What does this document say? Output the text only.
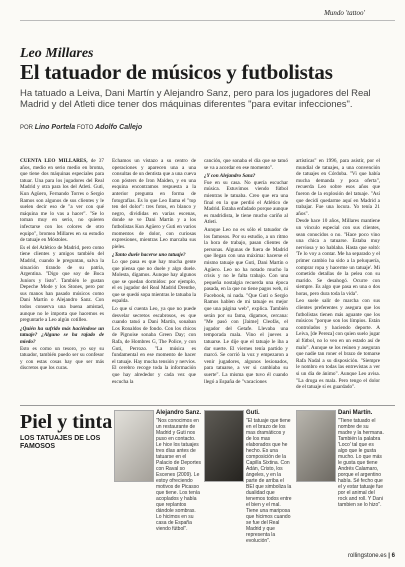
Mundo 'tattoo'
Leo Millares
El tatuador de músicos y futbolistas
Ha tatuado a Leiva, Dani Martín y Alejandro Sanz, pero para los jugadores del Real Madrid y del Atleti dice tener dos máquinas diferentes "para evitar infecciones".
POR Lino Portela FOTO Adolfo Callejo

CUENTA LEO MILLARES, de 37 años, medio en serio medio en broma, que tiene dos máquinas especiales para tatuar. Una para los jugadores del Real Madrid y otra para los del Atleti. Guti, Kun Agüero, Fernando Torres o Sergio Ramos son algunos de sus clientes y le suelen decir eso de "a ver con qué máquina me lo vas a hacer". "Se lo toman muy en serio, no quieren infectarse con los colores de otro equipo", bromea Millares en su estudio de tatuaje en Móstoles.

Es el del Atlético de Madrid, pero como tiene clientes y amigos también del Madrid, cuando le preguntan, salva la situación tirando de su patria, Argentina. "Digo que soy de Boca Juniors y listo". También le gustan Depeche Mode y los Stones, pero por sus manos han pasado músicos como Dani Martín o Alejandro Sanz. Con todos conserva una buena amistad, aunque no le importa que hacemos es preguntarle a Leo algún cotilleo.

¿Quién ha sufrido más haciéndose un tatuaje? ¿Alguno se ha rajado de miedo?

Esto es como un tesoro, yo soy su tatuador, también puedo ser su confesor y con estas cosas hay que ser más discretos que los curas.

Echamos un vistazo a su centro de operaciones y aparecen una a una consultas de un dentista que a una cueva con pósters de Iron Maiden, y en una esquina encontramos respuesta a la anterior pregunta en forma de fotografías. Es lo que Leo llama el "top ten del dolor": tres fotos, en blanco y negro, divididas en varias escenas, donde se ve Dani Martín y a los futbolistas Kun Agüero y Guti en varios momentos de dolor, con curiosas expresiones, mientras Leo marcaba sus pieles.

¿Tanto duele hacerse uno tatuaje?

Lo que pasa es que hay mucha gente que piensa que no duele y algo duele. Molesta, digamos. Aunque hay algunos que se quedan dormidos: por ejemplo, el ex jugador del Real Madrid Drenthe, que se quedó sopa mientras le tatuaba la espalda.

Lo que sí cuenta Leo, ya que no puede desvelar secretos escabrosos, es que cuando tatuó a Dani Martín, sonaban Los Ronaldos de fondo. Con los chicos de Pignoise sonaba Green Day; con Rafa, de Hombres G, The Police, y con Guti, Perrozo. "La música es fundamental en ese momento de hacer el tatuaje. Hay mucha tensión y nervios. El cerebro recoge toda la información que hay alrededor y cada vez que escucha la

canción, que sonaba el día que se tatuó se va a acordar en ese momento".

¿Y con Alejandro Sanz?

Fue en su casa. No quería escuchar música. Estuvimos viendo fútbol mientras le tatuaba. Creo que era una final en la que perdió el Atlético de Madrid. Estaba enfadado porque aunque es madridista, le tiene mucho cariño al Atleti.

Aunque Leo no es sólo el tatuador de los famosos. Por su estudio, a un ritmo la hora de trabajo, pasan clientes de personas. Algunas de fuera de Madrid que llegan con una máxima: hacerse el mismo tatuaje que Guti, Dani Martín o Agüero. Leo no ha notado mucho la crisis y no le falta trabajo. Con una pequeña nostalgia recuerda una época pasada, en la que no tiene pagos web, ni Facebook, ni nada. "Que Guti o Sergio Ramos hablen de mi tatuaje es mejor que una página web", explica. También serán por su fama, digamos, cercana: "Me pasó con [Jaime] Cleofás, el jugador del Getafe. Llevaba una temporada mala. Vino el jueves a tatuarse. Le dije que el tatuaje le iba a dar suerte. El viernes tenía partido y marcó. Se corrió la voz y empezaron a venir jugadores, algunos lesionados, para tatuarse, a ver si cambiaba su suerte". La misma que tuvo él cuando llegó a España de "vacaciones

artísticas" en 1996, para asistir, por el mundial de tatuajes, a una convención de tatuajes en Córdoba. "Vi que había mucha demanda y poca oferta", recuerda Leo sobre esos años que fueron de la explosión del tatuaje. "Así que decidí quedarme aquí en Madrid a trabajar. Fue una locura. Yo tenía 21 años".

Desde hace 10 años, Millares mantiene un vínculo especial con sus clientes, sean conocidos o no. "Hace poco vino una chica a tatuarse. Estaba muy nerviosa y no hablaba. Hasta que soltó: 'Te lo voy a contar. Me ha separado y el primer cambio ha sido a la peluquería, comprar ropa y hacerme un tatuaje'. Mi cometido detallas de la pelea con su marido. Se desahogó. Ocurre con siempre. Es algo que pasa en una o dos horas, pero dura toda la vida".

Leo suele salir de marcha con sus clientes preferentes y asegura que los futbolistas tienen más aguante que los músicos "porque son los límpios. Están controlados y haciendo deporte. A Leiva, [de Pereza] con quien suelo jugar al fútbol, no lo veo en un estado así de malo". Aunque se los reúnen y aseguran que nadie tan roner el brazo de tomarse Rafa Nadal a su disposición. "Siempre le nombro en todas las entrevistas a ver si un día de ánimo". Aunque Leo avisa. "La droga es mala. Pero tengo el dolor de el tatuaje sí es guardado".

Piel y tinta
LOS TATUAJES DE LOS FAMOSOS
Alejandro Sanz.
"Nos conocimos en un restaurante de Madrid y Guti nos puso en contacto. Le hice los tatuajes tres días antes de tatuarse en el Palacio de Deportes con Raval so Escenes (2009). Le estoy ofreciendo motivos de Picasso que tiene. Los tenía acoplados y había que replantos dándole sombras. Lo hicimos en su casa de España viendo fútbol".
Guti.
"El tatuaje que tiene en el brazo de los mas dramáticos y de los mas elaborados que he hecho. Es una composición de la Capilla Sixtina. Con Adán, Cristo, los ángeles, y en la parte de arriba el BEI que simboliza la dualidad que tenemos todos entre el bien y el mal. Tiene una mariposa que hicimos cuando se fue del Real Madrid y que representa la evolución".
Dani Martín.
"Tiene tatuado el nombre de su madre y la hermana. También la palabra 'Loco' tal que es algo que le gusta mucho. Lo que más le gusta que tiene Andrés Calamaro, porque el argentino había. Sé fecho que el y estar tatuaje fue por el animal del rock and roll. Y Dani tambien se lo hizo".
rollingstone.es | 6
